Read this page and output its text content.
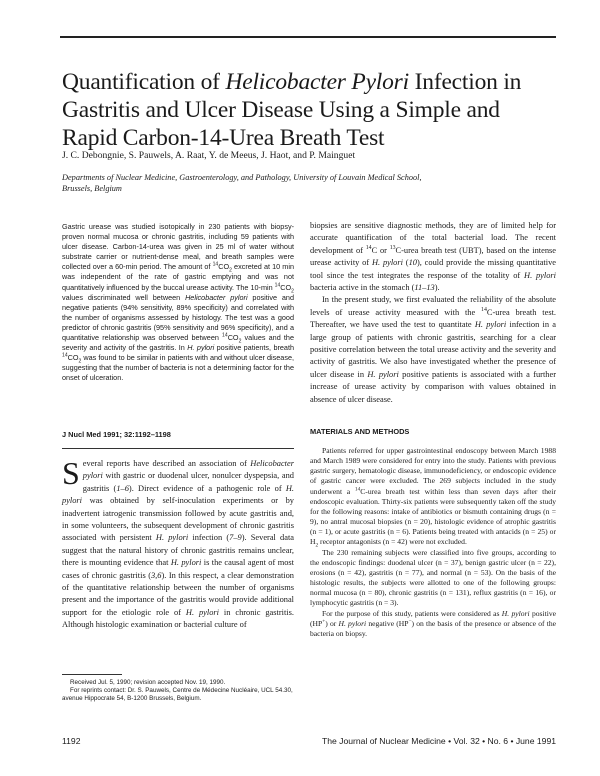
Quantification of Helicobacter Pylori Infection in
Gastritis and Ulcer Disease Using a Simple and
Rapid Carbon-14-Urea Breath Test
J. C. Debongnie, S. Pauwels, A. Raat, Y. de Meeus, J. Haot, and P. Mainguet
Departments of Nuclear Medicine, Gastroenterology, and Pathology, University of Louvain Medical School,
Brussels, Belgium
Gastric urease was studied isotopically in 230 patients with biopsy-proven normal mucosa or chronic gastritis, including 59 patients with ulcer disease. Carbon-14-urea was given in 25 ml of water without substrate carrier or nutrient-dense meal, and breath samples were collected over a 60-min period. The amount of $^{14}CO_2$ excreted at 10 min was independent of the rate of gastric emptying and was not quantitatively influenced by the buccal urease activity. The 10-min $^{14}CO_2$ values discriminated well between Helicobacter pylori positive and negative patients (94% sensitivity, 89% specificity) and correlated with the number of organisms assessed by histology. The test was a good predictor of chronic gastritis (95% sensitivity and 96% specificity), and a quantitative relationship was observed between $^{14}CO_2$ values and the severity and activity of the gastritis. In H. pylori positive patients, breath $^{14}CO_2$ was found to be similar in patients with and without ulcer disease, suggesting that the number of bacteria is not a determining factor for the onset of ulceration.
J Nucl Med 1991; 32:1192–1198
Several reports have described an association of Helicobacter pylori with gastric or duodenal ulcer, nonulcer dyspepsia, and gastritis (1–6). Direct evidence of a pathogenic role of H. pylori was obtained by self-inoculation experiments or by inadvertent iatrogenic transmission followed by acute gastritis and, in some volunteers, the subsequent development of chronic gastritis associated with persistent H. pylori infection (7–9). Several data suggest that the natural history of chronic gastritis remains unclear, there is mounting evidence that H. pylori is the causal agent of most cases of chronic gastritis (3,6). In this respect, a clear demonstration of the quantitative relationship between the number of organisms present and the importance of the gastritis would provide additional support for the etiologic role of H. pylori in chronic gastritis. Although histologic examination or bacterial culture of

Received Jul. 5, 1990; revision accepted Nov. 19, 1990.

For reprints contact: Dr. S. Pauwels, Centre de Médecine Nucléaire, UCL 54.30, avenue Hippocrate 54, B-1200 Brussels, Belgium.

biopsies are sensitive diagnostic methods, they are of limited help for accurate quantification of the total bacterial load. The recent development of $^{14}$C or $^{13}$C-urea breath test (UBT), based on the intense urease activity of H. pylori (10), could provide the missing quantitative tool since the test integrates the response of the totality of H. pylori bacteria active in the stomach (11–13).

In the present study, we first evaluated the reliability of the absolute levels of urease activity measured with the $^{14}$C-urea breath test. Thereafter, we have used the test to quantitate H. pylori infection in a large group of patients with chronic gastritis, searching for a clear positive correlation between the total urease activity and the severity and activity of gastritis. We also have investigated whether the presence of ulcer disease in H. pylori positive patients is associated with a further increase of urease activity by comparison with values obtained in absence of ulcer disease.

MATERIALS AND METHODS

Patients referred for upper gastrointestinal endoscopy between March 1988 and March 1989 were considered for entry into the study. Patients with previous gastric surgery, hematologic disease, immunodeficiency, or endoscopic evidence of gastric cancer were excluded. The 269 subjects included in the study underwent a $^{14}$C-urea breath test within less than seven days after their endoscopic evaluation. Thirty-six patients were subsequently taken off the study for the following reasons: intake of antibiotics or bismuth containing drugs (n = 9), no antral mucosal biopsies (n = 20), histologic evidence of atrophic gastritis (n = 1), or acute gastritis (n = 6). Patients being treated with antacids (n = 25) or $H_2$ receptor antagonists (n = 42) were not excluded.

The 230 remaining subjects were classified into five groups, according to the endoscopic findings: duodenal ulcer (n = 37), benign gastric ulcer (n = 22), erosions (n = 42), gastritis (n = 77), and normal (n = 53). On the basis of the histologic results, the subjects were allotted to one of the following groups: normal mucosa (n = 80), chronic gastritis (n = 131), reflux gastritis (n = 16), or lymphocytic gastritis (n = 3).

For the purpose of this study, patients were considered as H. pylori positive (HP+) or H. pylori negative (HP−) on the basis of the presence or absence of the bacteria on biopsy.

1192	The Journal of Nuclear Medicine • Vol. 32 • No. 6 • June 1991
